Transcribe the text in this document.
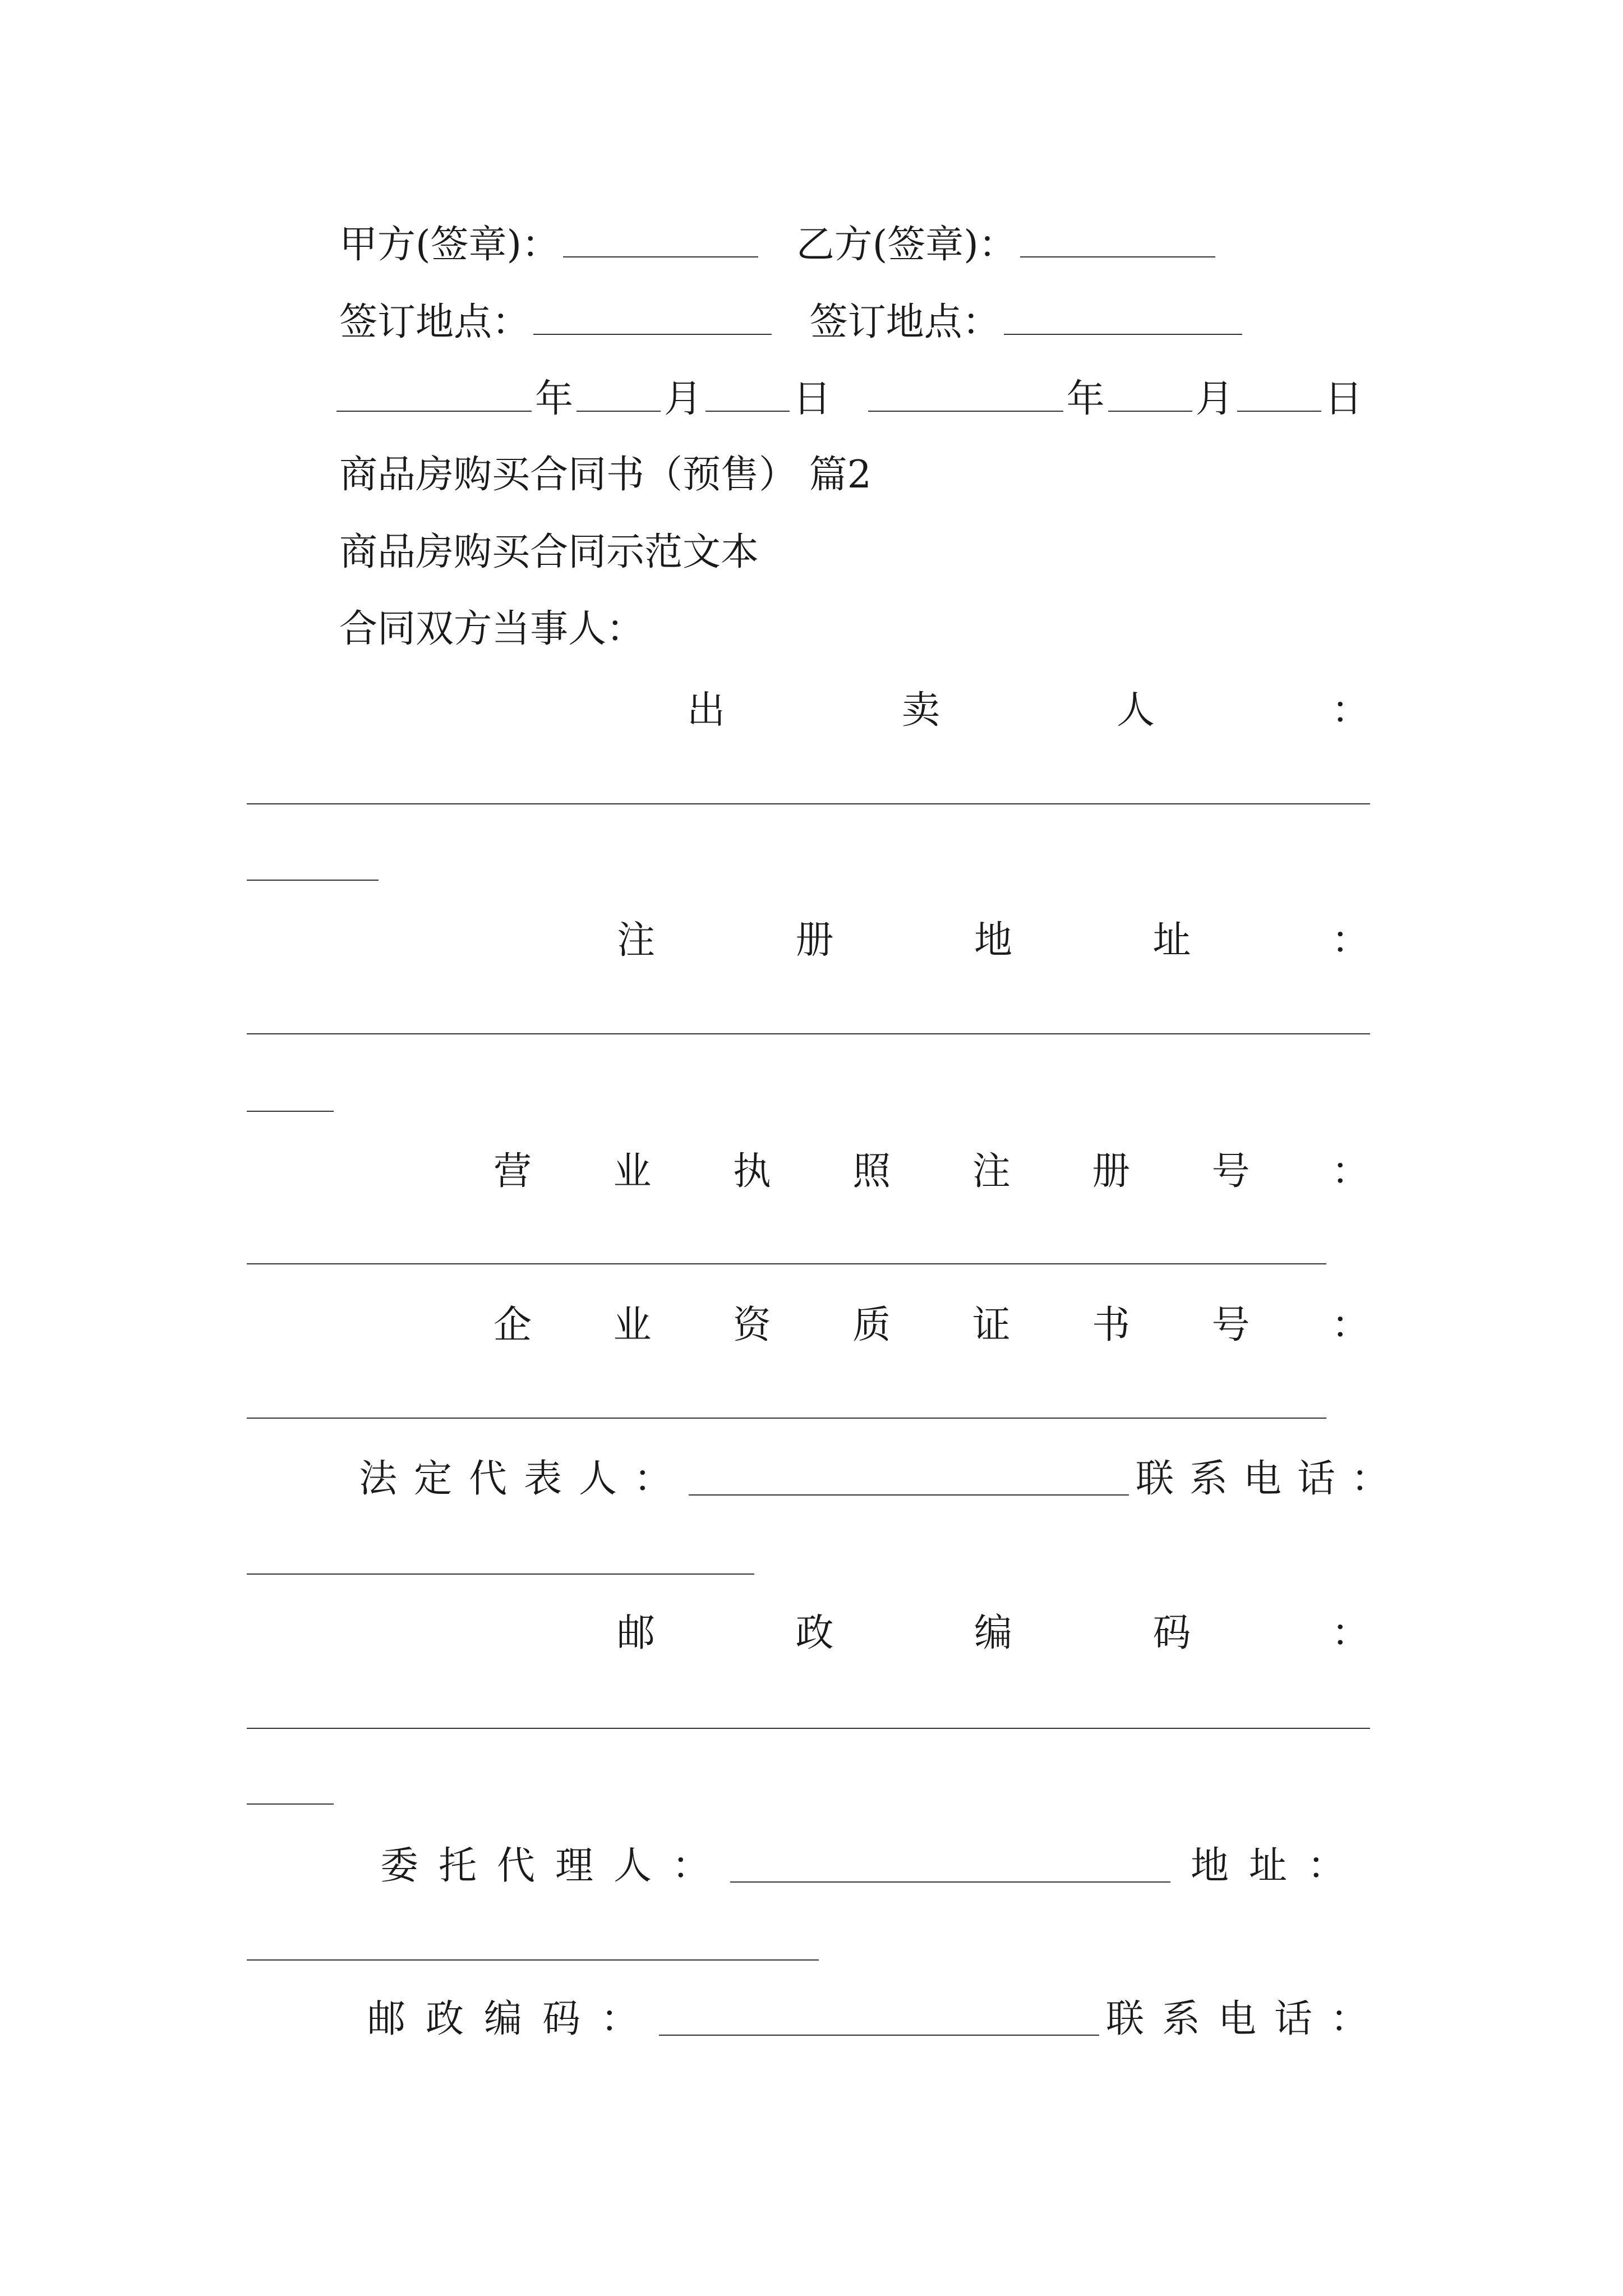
甲方(签章)：	乙方(签章)：
签订地点：	签订地点：
年 月 日	年 月 日
商品房购买合同书（预售） 篇2
商品房购买合同示范文本
合同双方当事人：
出	卖	人	：
注	册	地	址	：
营 业 执 照 注 册 号 ：
企 业 资 质 证 书 号 ：
法定代表人：	联系电话：
邮	政	编	码	：
委托代理人：	地址：
邮政编码：	联系电话：
